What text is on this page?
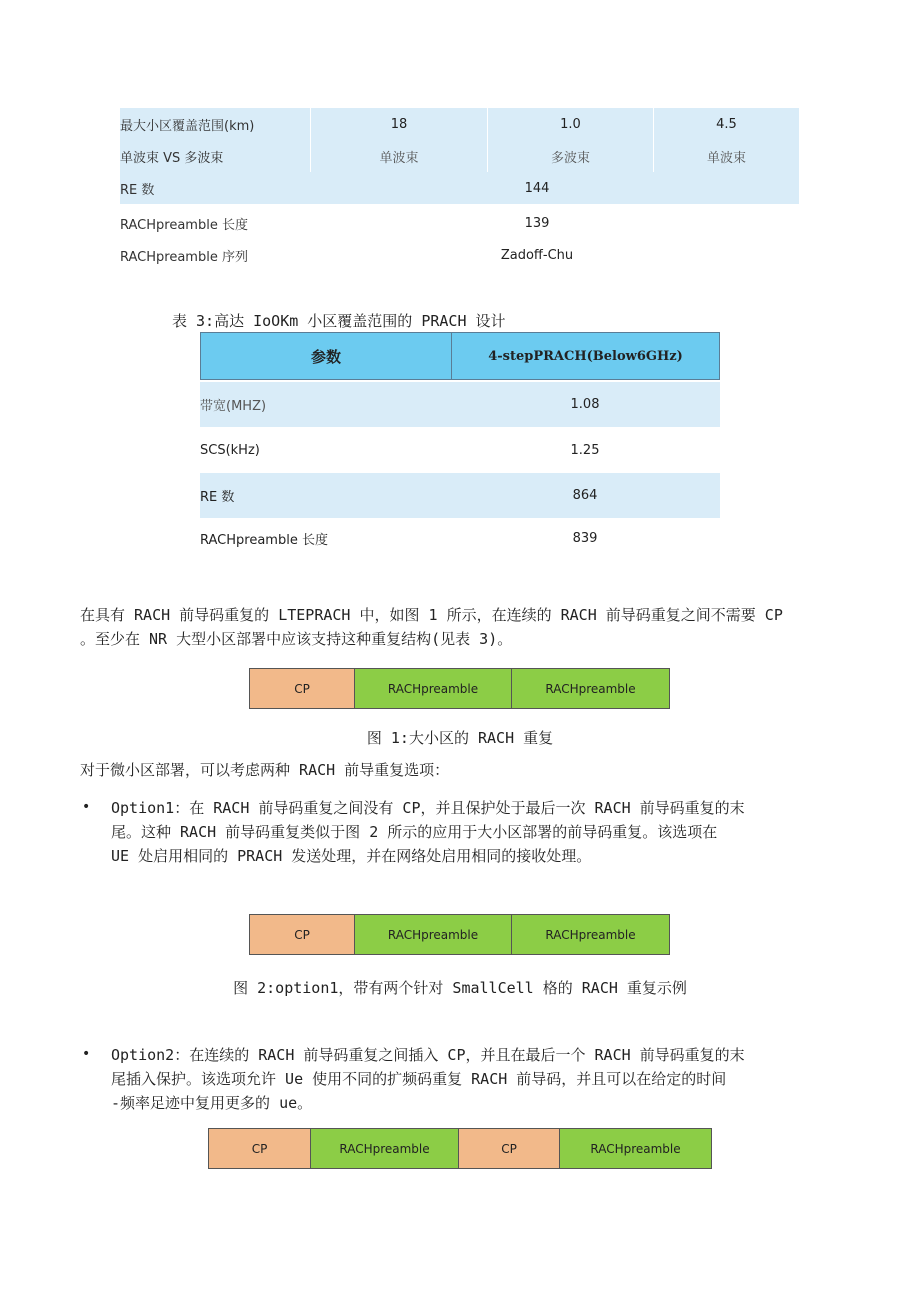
最大小区覆盖范围(km)	18	1.0	4.5
单波束 VS 多波束	单波束	多波束	单波束
RE 数	144
RACHpreamble 长度	139
RACHpreamble 序列	Zadoff-Chu
表 3:高达 IoOKm 小区覆盖范围的 PRACH 设计
参数	4-stepPRACH(Below6GHz)
带宽(MHZ)	1.08
SCS(kHz)	1.25
RE 数	864
RACHpreamble 长度	839
在具有 RACH 前导码重复的 LTEPRACH 中，如图 1 所示，在连续的 RACH 前导码重复之间不需要 CP
。至少在 NR 大型小区部署中应该支持这种重复结构(见表 3)。
CP	RACHpreamble	RACHpreamble
图 1:大小区的 RACH 重复
对于微小区部署，可以考虑两种 RACH 前导重复选项：
• Option1：在 RACH 前导码重复之间没有 CP，并且保护处于最后一次 RACH 前导码重复的末
尾。这种 RACH 前导码重复类似于图 2 所示的应用于大小区部署的前导码重复。该选项在
UE 处启用相同的 PRACH 发送处理，并在网络处启用相同的接收处理。
CP	RACHpreamble	RACHpreamble
图 2:option1，带有两个针对 SmallCell 格的 RACH 重复示例
• Option2：在连续的 RACH 前导码重复之间插入 CP，并且在最后一个 RACH 前导码重复的末
尾插入保护。该选项允许 Ue 使用不同的扩频码重复 RACH 前导码，并且可以在给定的时间
-频率足迹中复用更多的 ue。
CP	RACHpreamble	CP	RACHpreamble
